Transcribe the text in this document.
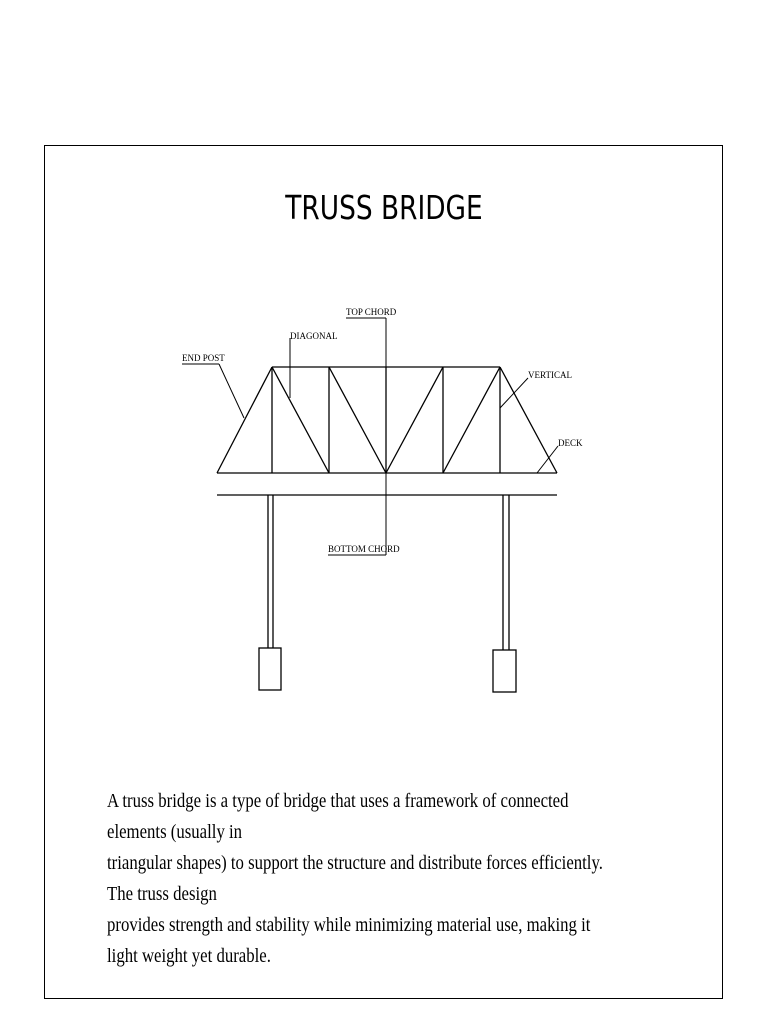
TRUSS BRIDGE
TOP CHORD
DIAGONAL
END POST
VERTICAL
DECK
BOTTOM CHORD

A truss bridge is a type of bridge that uses a framework of connected elements (usually in
triangular shapes) to support the structure and distribute forces efficiently. The truss design
provides strength and stability while minimizing material use, making it light weight yet durable.
